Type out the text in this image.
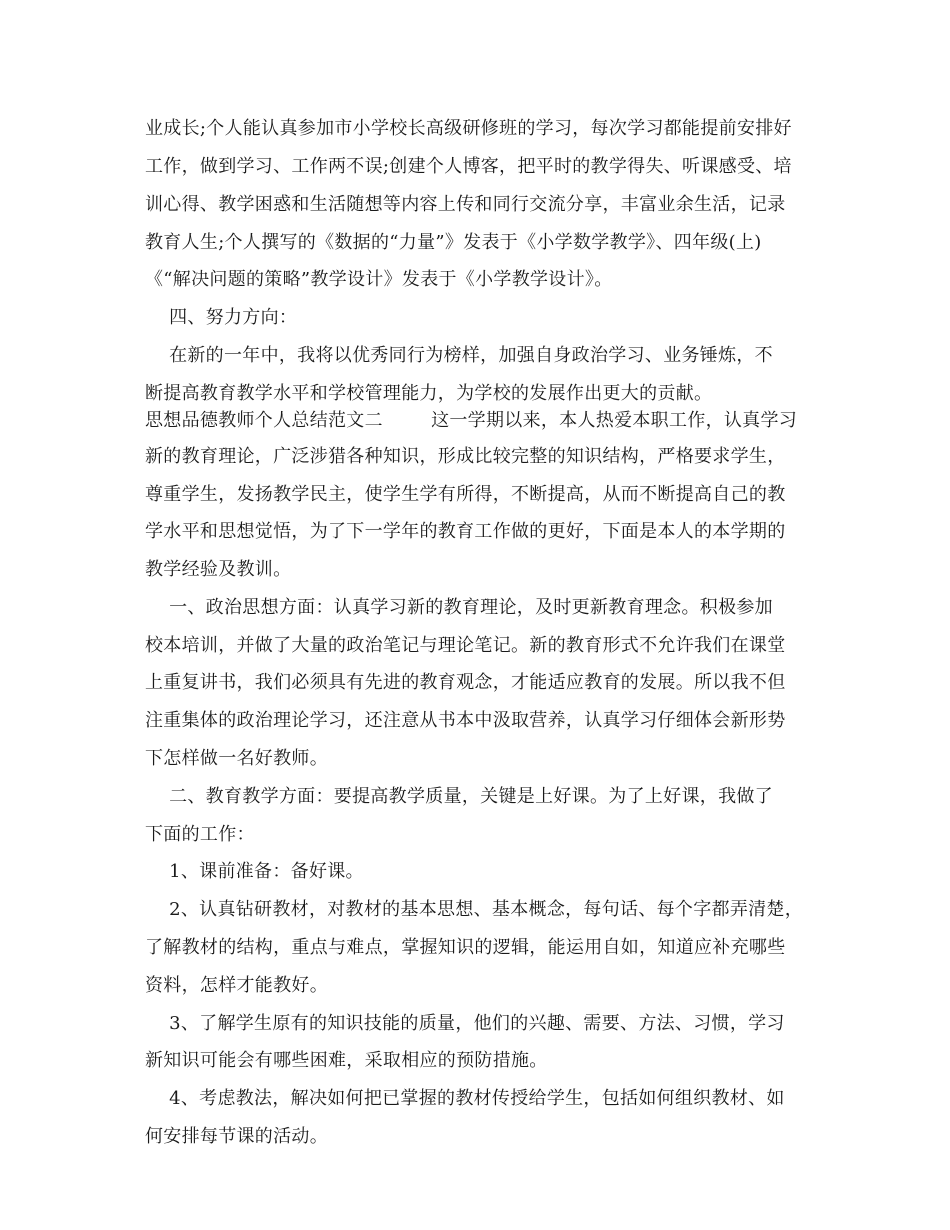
业成长;个人能认真参加市小学校长高级研修班的学习，每次学习都能提前安排好
工作，做到学习、工作两不误;创建个人博客，把平时的教学得失、听课感受、培
训心得、教学困惑和生活随想等内容上传和同行交流分享，丰富业余生活，记录
教育人生;个人撰写的《数据的“力量”》发表于《小学数学教学》、四年级(上)
《“解决问题的策略”教学设计》发表于《小学教学设计》。
四、努力方向：
在新的一年中，我将以优秀同行为榜样，加强自身政治学习、业务锤炼，不
断提高教育教学水平和学校管理能力，为学校的发展作出更大的贡献。
思想品德教师个人总结范文二        这一学期以来，本人热爱本职工作，认真学习
新的教育理论，广泛涉猎各种知识，形成比较完整的知识结构，严格要求学生，
尊重学生，发扬教学民主，使学生学有所得，不断提高，从而不断提高自己的教
学水平和思想觉悟，为了下一学年的教育工作做的更好，下面是本人的本学期的
教学经验及教训。
一、政治思想方面：认真学习新的教育理论，及时更新教育理念。积极参加
校本培训，并做了大量的政治笔记与理论笔记。新的教育形式不允许我们在课堂
上重复讲书，我们必须具有先进的教育观念，才能适应教育的发展。所以我不但
注重集体的政治理论学习，还注意从书本中汲取营养，认真学习仔细体会新形势
下怎样做一名好教师。
二、教育教学方面：要提高教学质量，关键是上好课。为了上好课，我做了
下面的工作：
1、课前准备：备好课。
2、认真钻研教材，对教材的基本思想、基本概念，每句话、每个字都弄清楚，
了解教材的结构，重点与难点，掌握知识的逻辑，能运用自如，知道应补充哪些
资料，怎样才能教好。
3、了解学生原有的知识技能的质量，他们的兴趣、需要、方法、习惯，学习
新知识可能会有哪些困难，采取相应的预防措施。
4、考虑教法，解决如何把已掌握的教材传授给学生，包括如何组织教材、如
何安排每节课的活动。
